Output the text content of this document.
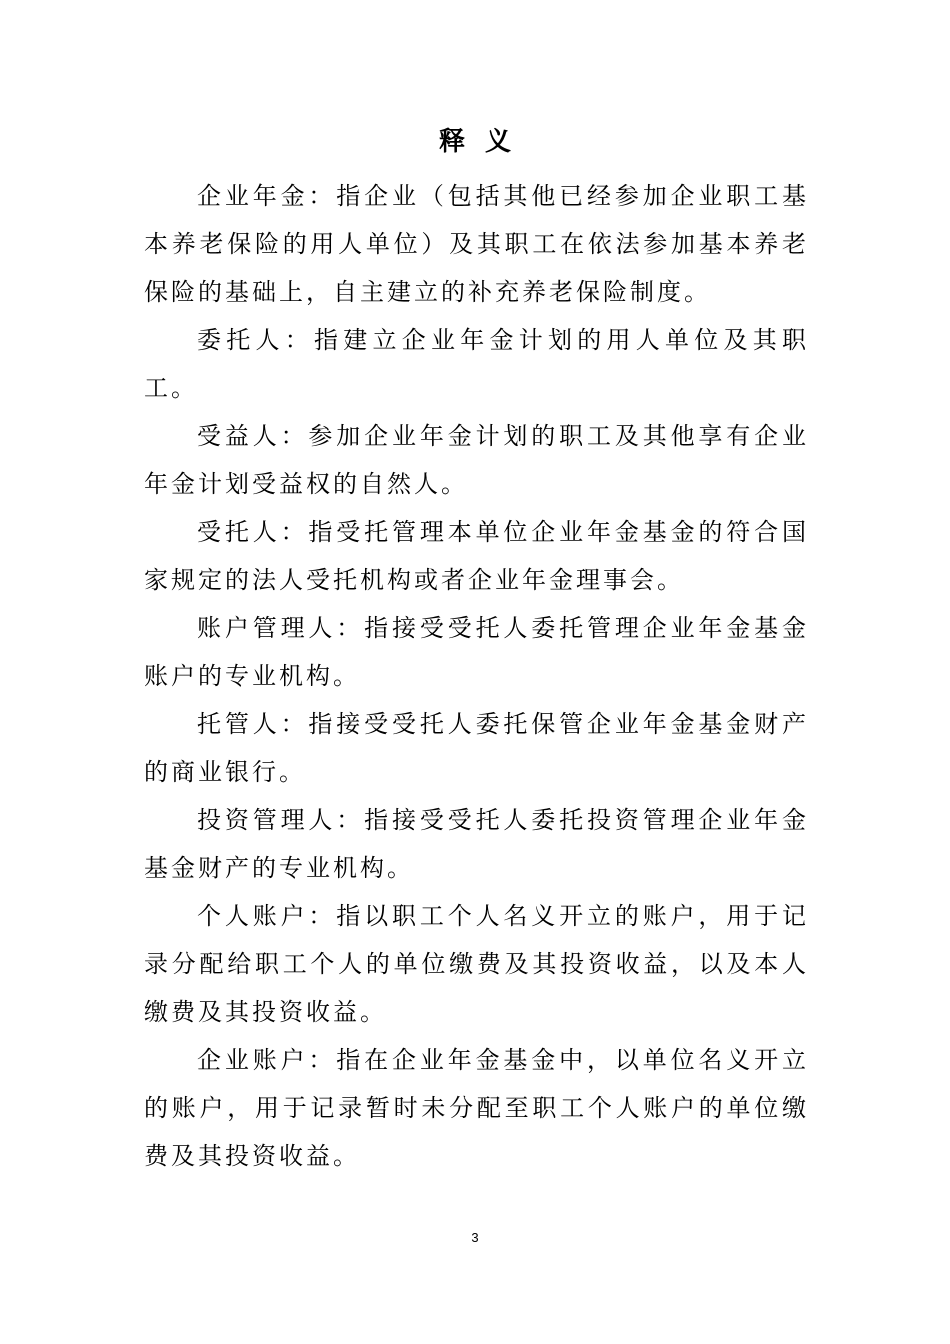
释义

企业年金：指企业（包括其他已经参加企业职工基本养老保险的用人单位）及其职工在依法参加基本养老保险的基础上，自主建立的补充养老保险制度。

委托人：指建立企业年金计划的用人单位及其职工。

受益人：参加企业年金计划的职工及其他享有企业年金计划受益权的自然人。

受托人：指受托管理本单位企业年金基金的符合国家规定的法人受托机构或者企业年金理事会。

账户管理人：指接受受托人委托管理企业年金基金账户的专业机构。

托管人：指接受受托人委托保管企业年金基金财产的商业银行。

投资管理人：指接受受托人委托投资管理企业年金基金财产的专业机构。

个人账户：指以职工个人名义开立的账户，用于记录分配给职工个人的单位缴费及其投资收益，以及本人缴费及其投资收益。

企业账户：指在企业年金基金中，以单位名义开立的账户，用于记录暂时未分配至职工个人账户的单位缴费及其投资收益。

3
